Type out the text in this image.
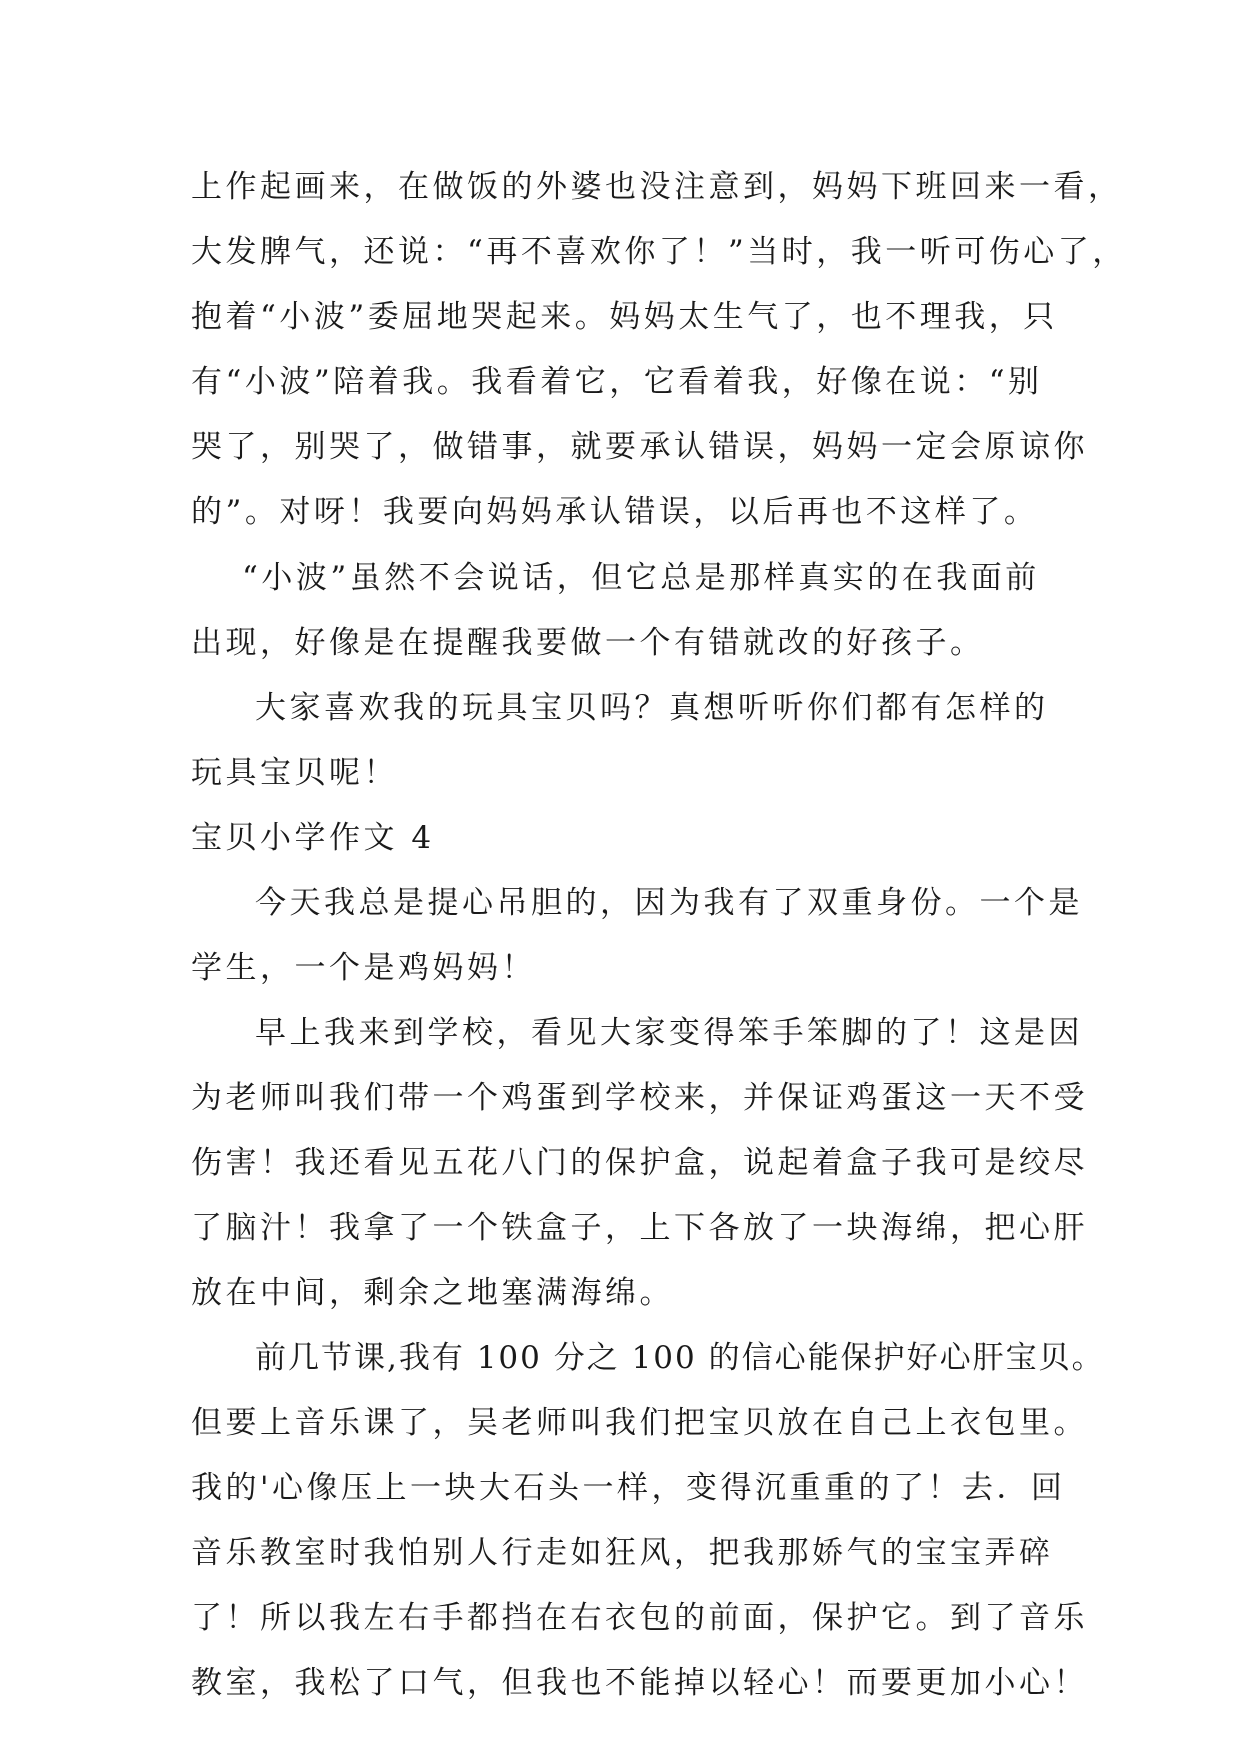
上作起画来，在做饭的外婆也没注意到，妈妈下班回来一看，
大发脾气，还说：“再不喜欢你了！”当时，我一听可伤心了，
抱着“小波”委屈地哭起来。妈妈太生气了，也不理我，只
有“小波”陪着我。我看着它，它看着我，好像在说：“别
哭了，别哭了，做错事，就要承认错误，妈妈一定会原谅你
的”。对呀！我要向妈妈承认错误，以后再也不这样了。
“小波”虽然不会说话，但它总是那样真实的在我面前
出现，好像是在提醒我要做一个有错就改的好孩子。
大家喜欢我的玩具宝贝吗？真想听听你们都有怎样的
玩具宝贝呢！
宝贝小学作文 4
今天我总是提心吊胆的，因为我有了双重身份。一个是
学生，一个是鸡妈妈！
早上我来到学校，看见大家变得笨手笨脚的了！这是因
为老师叫我们带一个鸡蛋到学校来，并保证鸡蛋这一天不受
伤害！我还看见五花八门的保护盒，说起着盒子我可是绞尽
了脑汁！我拿了一个铁盒子，上下各放了一块海绵，把心肝
放在中间，剩余之地塞满海绵。
前几节课,我有 100 分之 100 的信心能保护好心肝宝贝。
但要上音乐课了，吴老师叫我们把宝贝放在自己上衣包里。
我的'心像压上一块大石头一样，变得沉重重的了！去．回
音乐教室时我怕别人行走如狂风，把我那娇气的宝宝弄碎
了！所以我左右手都挡在右衣包的前面，保护它。到了音乐
教室，我松了口气，但我也不能掉以轻心！而要更加小心！
